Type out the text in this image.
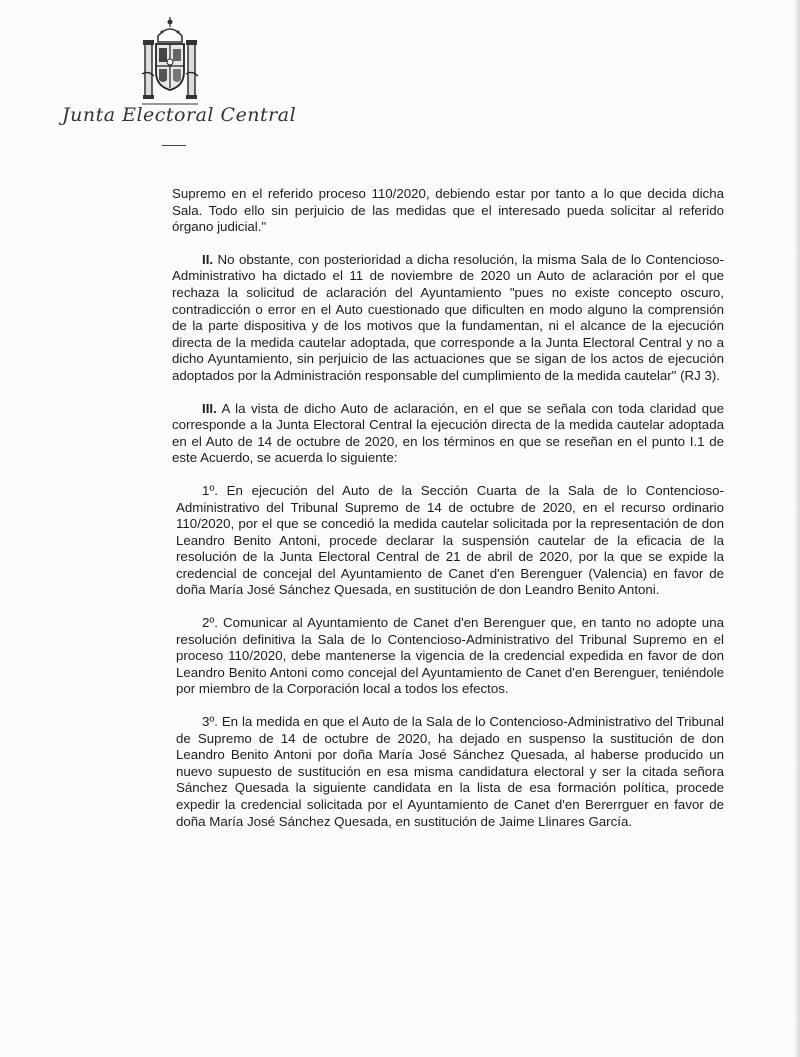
Junta Electoral Central

Supremo en el referido proceso 110/2020, debiendo estar por tanto a lo que decida dicha Sala. Todo ello sin perjuicio de las medidas que el interesado pueda solicitar al referido órgano judicial."

II. No obstante, con posterioridad a dicha resolución, la misma Sala de lo Contencioso-Administrativo ha dictado el 11 de noviembre de 2020 un Auto de aclaración por el que rechaza la solicitud de aclaración del Ayuntamiento "pues no existe concepto oscuro, contradicción o error en el Auto cuestionado que dificulten en modo alguno la comprensión de la parte dispositiva y de los motivos que la fundamentan, ni el alcance de la ejecución directa de la medida cautelar adoptada, que corresponde a la Junta Electoral Central y no a dicho Ayuntamiento, sin perjuicio de las actuaciones que se sigan de los actos de ejecución adoptados por la Administración responsable del cumplimiento de la medida cautelar" (RJ 3).

III. A la vista de dicho Auto de aclaración, en el que se señala con toda claridad que corresponde a la Junta Electoral Central la ejecución directa de la medida cautelar adoptada en el Auto de 14 de octubre de 2020, en los términos en que se reseñan en el punto I.1 de este Acuerdo, se acuerda lo siguiente:

1º. En ejecución del Auto de la Sección Cuarta de la Sala de lo Contencioso-Administrativo del Tribunal Supremo de 14 de octubre de 2020, en el recurso ordinario 110/2020, por el que se concedió la medida cautelar solicitada por la representación de don Leandro Benito Antoni, procede declarar la suspensión cautelar de la eficacia de la resolución de la Junta Electoral Central de 21 de abril de 2020, por la que se expide la credencial de concejal del Ayuntamiento de Canet d'en Berenguer (Valencia) en favor de doña María José Sánchez Quesada, en sustitución de don Leandro Benito Antoni.

2º. Comunicar al Ayuntamiento de Canet d'en Berenguer que, en tanto no adopte una resolución definitiva la Sala de lo Contencioso-Administrativo del Tribunal Supremo en el proceso 110/2020, debe mantenerse la vigencia de la credencial expedida en favor de don Leandro Benito Antoni como concejal del Ayuntamiento de Canet d'en Berenguer, teniéndole por miembro de la Corporación local a todos los efectos.

3º. En la medida en que el Auto de la Sala de lo Contencioso-Administrativo del Tribunal de Supremo de 14 de octubre de 2020, ha dejado en suspenso la sustitución de don Leandro Benito Antoni por doña María José Sánchez Quesada, al haberse producido un nuevo supuesto de sustitución en esa misma candidatura electoral y ser la citada señora Sánchez Quesada la siguiente candidata en la lista de esa formación política, procede expedir la credencial solicitada por el Ayuntamiento de Canet d'en Bererrguer en favor de doña María José Sánchez Quesada, en sustitución de Jaime Llinares García.
